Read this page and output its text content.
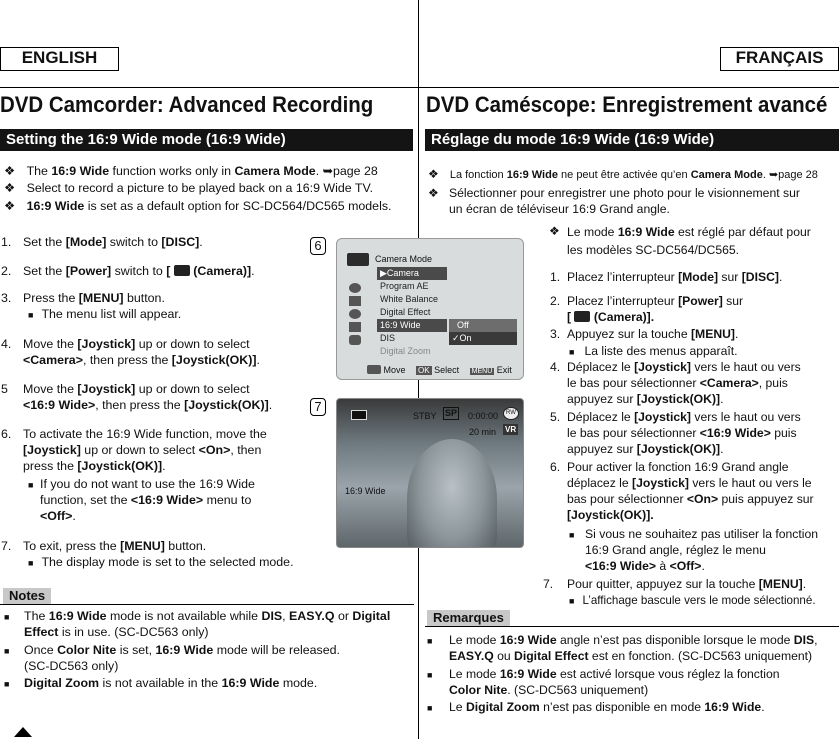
ENGLISH	FRANÇAIS
DVD Camcorder: Advanced Recording DVD Caméscope: Enregistrement avancé
Setting the 16:9 Wide mode (16:9 Wide)	Réglage du mode 16:9 Wide (16:9 Wide)
❖ The 16:9 Wide function works only in Camera Mode. ➥page 28
❖ Select to record a picture to be played back on a 16:9 Wide TV.
❖ 16:9 Wide is set as a default option for SC-DC564/DC565 models.
1. Set the [Mode] switch to [DISC].
2. Set the [Power] switch to [ (Camera)].
3. Press the [MENU] button.
■ The menu list will appear.
4. Move the [Joystick] up or down to select
<Camera>, then press the [Joystick(OK)].
5 Move the [Joystick] up or down to select
<16:9 Wide>, then press the [Joystick(OK)].
6. To activate the 16:9 Wide function, move the
[Joystick] up or down to select <On>, then
press the [Joystick(OK)].
■ If you do not want to use the 16:9 Wide
function, set the <16:9 Wide> menu to
<Off>.
7. To exit, press the [MENU] button.
■ The display mode is set to the selected mode.
Notes
■ The 16:9 Wide mode is not available while DIS, EASY.Q or Digital
Effect is in use. (SC-DC563 only)
■ Once Color Nite is set, 16:9 Wide mode will be released.
(SC-DC563 only)
■ Digital Zoom is not available in the 16:9 Wide mode.
6
Camera Mode
▶Camera
Program AE
White Balance
Digital Effect
16:9 Wide
DIS
Digital Zoom
Off
✓On
Move OK Select MENU Exit
7
STBY SP 0:00:00	RW
20 min VR
16:9 Wide
❖ La fonction 16:9 Wide ne peut être activée qu’en Camera Mode. ➥page 28
❖ Sélectionner pour enregistrer une photo pour le visionnement sur
un écran de téléviseur 16:9 Grand angle.
❖ Le mode 16:9 Wide est réglé par défaut pour
les modèles SC-DC564/DC565.
1. Placez l’interrupteur [Mode] sur [DISC].
2. Placez l’interrupteur [Power] sur
[ (Camera)].
3. Appuyez sur la touche [MENU].
■ La liste des menus apparaît.
4. Déplacez le [Joystick] vers le haut ou vers
le bas pour sélectionner <Camera>, puis
appuyez sur [Joystick(OK)].
5. Déplacez le [Joystick] vers le haut ou vers
le bas pour sélectionner <16:9 Wide> puis
appuyez sur [Joystick(OK)].
6. Pour activer la fonction 16:9 Grand angle
déplacez le [Joystick] vers le haut ou vers le
bas pour sélectionner <On> puis appuyez sur
[Joystick(OK)].
■ Si vous ne souhaitez pas utiliser la fonction
16:9 Grand angle, réglez le menu
<16:9 Wide> à <Off>.
7. Pour quitter, appuyez sur la touche [MENU].
■ L’affichage bascule vers le mode sélectionné.
Remarques
■ Le mode 16:9 Wide angle n’est pas disponible lorsque le mode DIS,
EASY.Q ou Digital Effect est en fonction. (SC-DC563 uniquement)
■ Le mode 16:9 Wide est activé lorsque vous réglez la fonction
Color Nite. (SC-DC563 uniquement)
■ Le Digital Zoom n’est pas disponible en mode 16:9 Wide.
